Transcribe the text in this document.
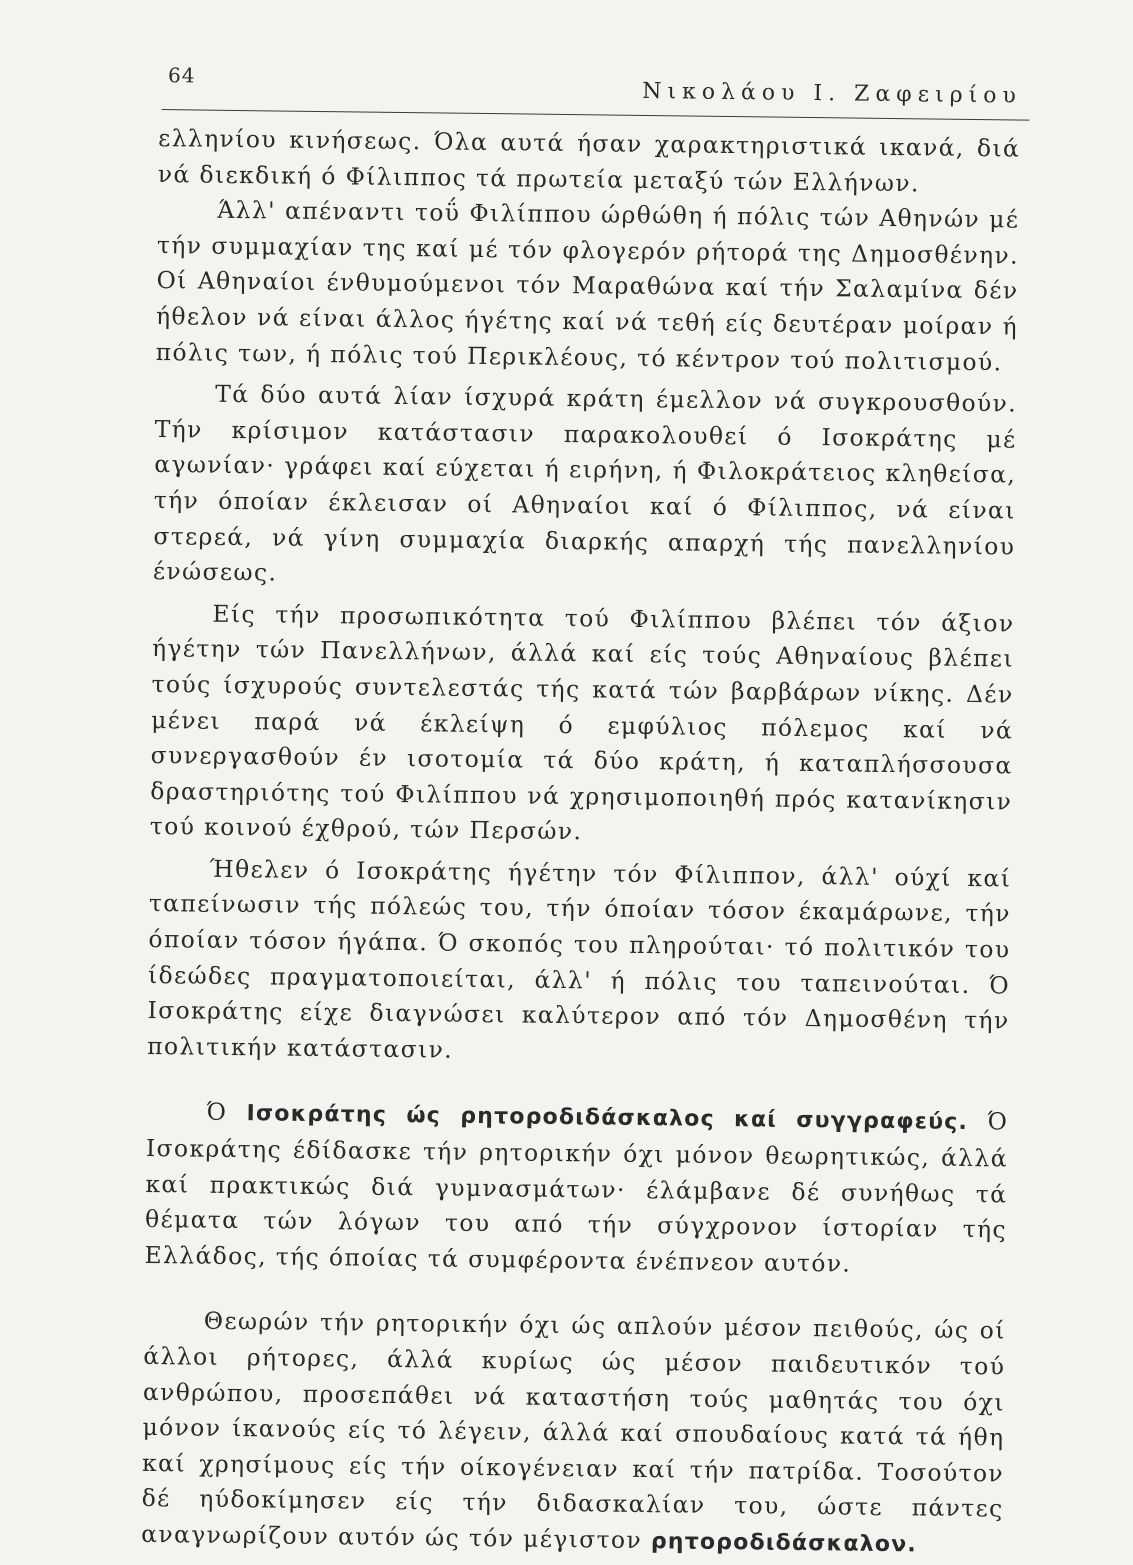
64
Νικολάου Ι. Ζαφειρίου

ελληνίου κινήσεως. Όλα αυτά ήσαν χαρακτηριστικά ικανά, διά νά διεκδική ό Φίλιππος τά πρωτεία μεταξύ τών Ελλήνων.

Άλλ' απέναντι τοΰ Φιλίππου ώρθώθη ή πόλις τών Αθηνών μέ τήν συμμαχίαν της καί μέ τόν φλογερόν ρήτορά της Δημοσθένην. Οί Αθηναίοι ένθυμούμενοι τόν Μαραθώνα καί τήν Σαλαμίνα δέν ήθελον νά είναι άλλος ήγέτης καί νά τεθή είς δευτέραν μοίραν ή πόλις των, ή πόλις τού Περικλέους, τό κέντρον τού πολιτισμού.

Τά δύο αυτά λίαν ίσχυρά κράτη έμελλον νά συγκρουσθούν. Τήν κρίσιμον κατάστασιν παρακολουθεί ό Ισοκράτης μέ αγωνίαν· γράφει καί εύχεται ή ειρήνη, ή Φιλοκράτειος κληθείσα, τήν όποίαν έκλεισαν οί Αθηναίοι καί ό Φίλιππος, νά είναι στερεά, νά γίνη συμμαχία διαρκής απαρχή τής πανελληνίου ένώσεως.

Είς τήν προσωπικότητα τού Φιλίππου βλέπει τόν άξιον ήγέτην τών Πανελλήνων, άλλά καί είς τούς Αθηναίους βλέπει τούς ίσχυρούς συντελεστάς τής κατά τών βαρβάρων νίκης. Δέν μένει παρά νά έκλείψη ό εμφύλιος πόλεμος καί νά συνεργασθούν έν ισοτομία τά δύο κράτη, ή καταπλήσσουσα δραστηριότης τού Φιλίππου νά χρησιμοποιηθή πρός κατανίκησιν τού κοινού έχθρού, τών Περσών.

Ήθελεν ό Ισοκράτης ήγέτην τόν Φίλιππον, άλλ' ούχί καί ταπείνωσιν τής πόλεώς του, τήν όποίαν τόσον έκαμάρωνε, τήν όποίαν τόσον ήγάπα. Ό σκοπός του πληρούται· τό πολιτικόν του ίδεώδες πραγματοποιείται, άλλ' ή πόλις του ταπεινούται. Ό Ισοκράτης είχε διαγνώσει καλύτερον από τόν Δημοσθένη τήν πολιτικήν κατάστασιν.

Ό Ισοκράτης ώς ρητοροδιδάσκαλος καί συγγραφεύς. Ό Ισοκράτης έδίδασκε τήν ρητορικήν όχι μόνον θεωρητικώς, άλλά καί πρακτικώς διά γυμνασμάτων· έλάμβανε δέ συνήθως τά θέματα τών λόγων του από τήν σύγχρονον ίστορίαν τής Ελλάδος, τής όποίας τά συμφέροντα ένέπνεον αυτόν.

Θεωρών τήν ρητορικήν όχι ώς απλούν μέσον πειθούς, ώς οί άλλοι ρήτορες, άλλά κυρίως ώς μέσον παιδευτικόν τού ανθρώπου, προσεπάθει νά καταστήση τούς μαθητάς του όχι μόνον ίκανούς είς τό λέγειν, άλλά καί σπουδαίους κατά τά ήθη καί χρησίμους είς τήν οίκογένειαν καί τήν πατρίδα. Τοσούτον δέ ηύδοκίμησεν είς τήν διδασκαλίαν του, ώστε πάντες αναγνωρίζουν αυτόν ώς τόν μέγιστον ρητοροδιδάσκαλον.
